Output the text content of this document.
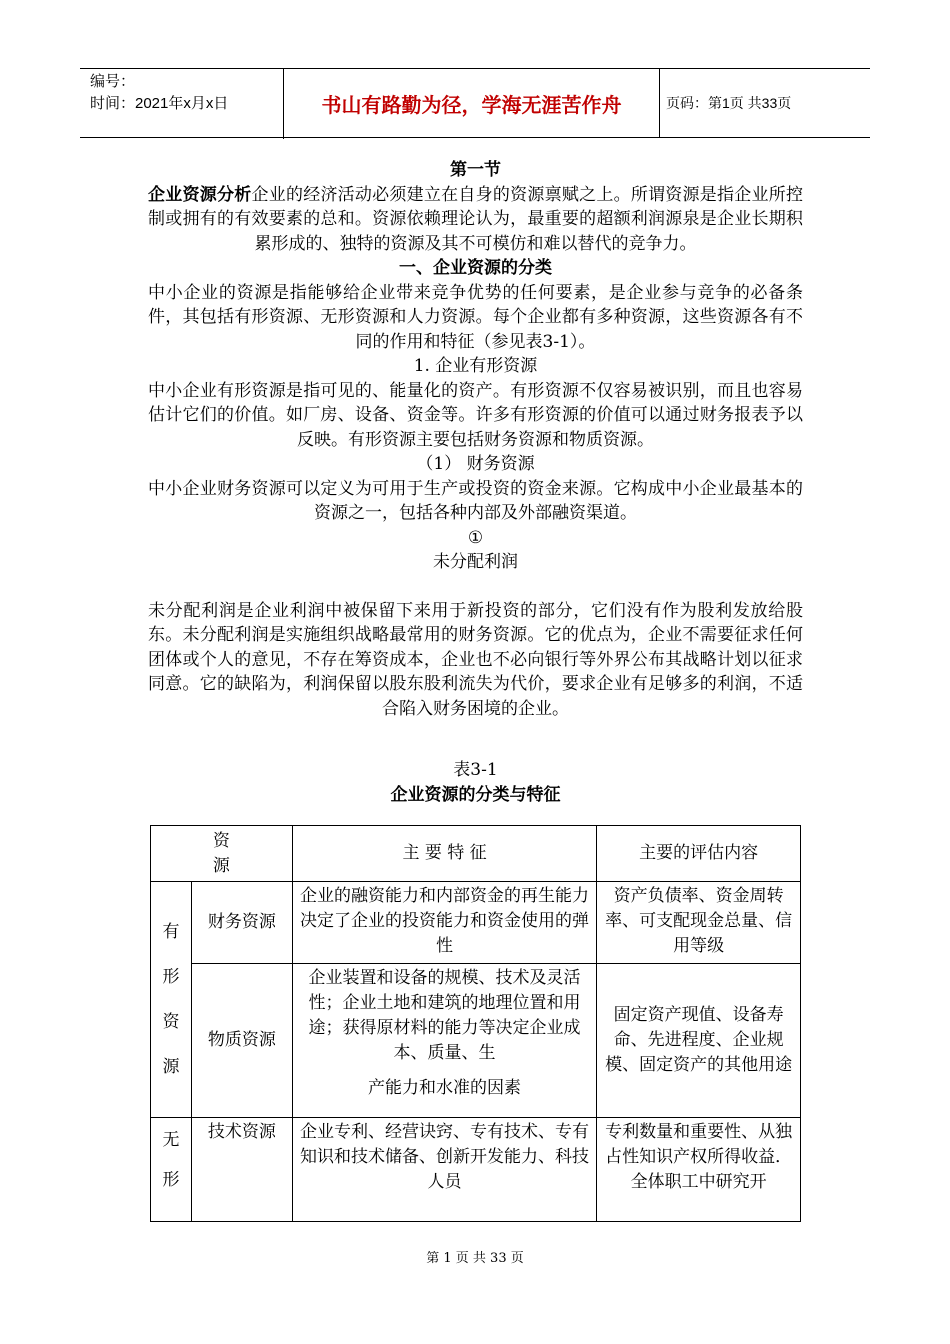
编号：
时间：2021年x月x日	书山有路勤为径，学海无涯苦作舟	页码：第1页 共33页
第一节
企业资源分析企业的经济活动必须建立在自身的资源禀赋之上。所谓资源是指企业所控制或拥有的有效要素的总和。资源依赖理论认为，最重要的超额利润源泉是企业长期积累形成的、独特的资源及其不可模仿和难以替代的竞争力。
一、企业资源的分类
中小企业的资源是指能够给企业带来竞争优势的任何要素，是企业参与竞争的必备条件，其包括有形资源、无形资源和人力资源。每个企业都有多种资源，这些资源各有不同的作用和特征（参见表3-1）。
1. 企业有形资源
中小企业有形资源是指可见的、能量化的资产。有形资源不仅容易被识别，而且也容易估计它们的价值。如厂房、设备、资金等。许多有形资源的价值可以通过财务报表予以反映。有形资源主要包括财务资源和物质资源。
（1） 财务资源
中小企业财务资源可以定义为可用于生产或投资的资金来源。它构成中小企业最基本的资源之一，包括各种内部及外部融资渠道。
①
未分配利润
未分配利润是企业利润中被保留下来用于新投资的部分，它们没有作为股利发放给股东。未分配利润是实施组织战略最常用的财务资源。它的优点为，企业不需要征求任何团体或个人的意见，不存在筹资成本，企业也不必向银行等外界公布其战略计划以征求同意。它的缺陷为，利润保留以股东股利流失为代价，要求企业有足够多的利润，不适合陷入财务困境的企业。
表3-1
企业资源的分类与特征
资
源		主 要 特 征	主要的评估内容

有
形
资
源	财务资源	企业的融资能力和内部资金的再生能力决定了企业的投资能力和资金使用的弹性	资产负债率、资金周转率、可支配现金总量、信用等级
	物质资源	企业装置和设备的规模、技术及灵活性；企业土地和建筑的地理位置和用途；获得原材料的能力等决定企业成本、质量、生
产能力和水准的因素	固定资产现值、设备寿命、先进程度、企业规模、固定资产的其他用途

无
形	技术资源	企业专利、经营诀窍、专有技术、专有知识和技术储备、创新开发能力、科技人员	专利数量和重要性、从独占性知识产权所得收益．全体职工中研究开
第 1 页 共 33 页
